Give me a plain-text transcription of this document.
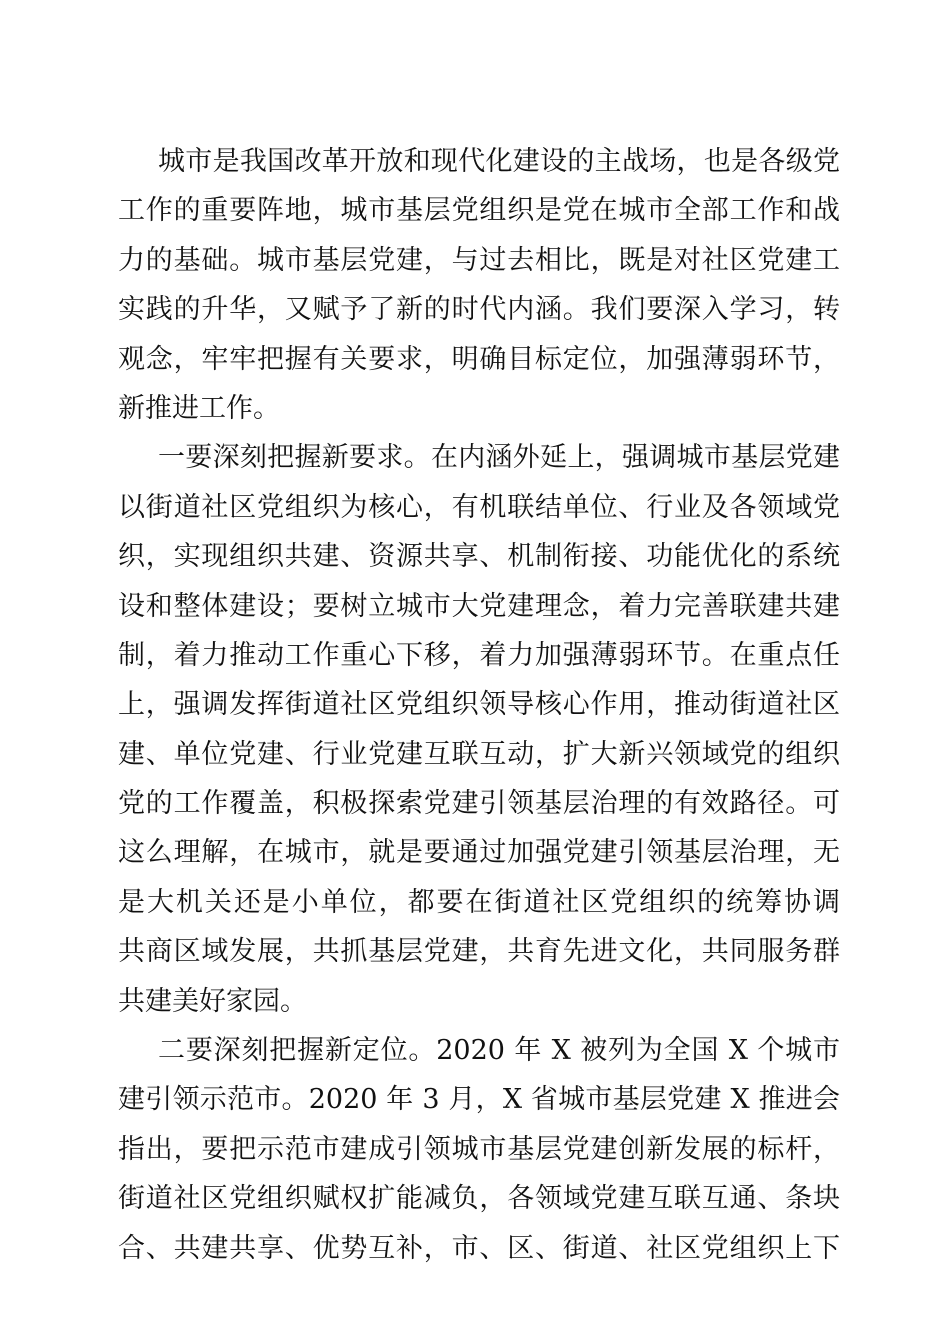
城市是我国改革开放和现代化建设的主战场，也是各级党
工作的重要阵地，城市基层党组织是党在城市全部工作和战
力的基础。城市基层党建，与过去相比，既是对社区党建工
实践的升华，又赋予了新的时代内涵。我们要深入学习，转
观念，牢牢把握有关要求，明确目标定位，加强薄弱环节，
新推进工作。
一要深刻把握新要求。在内涵外延上，强调城市基层党建
以街道社区党组织为核心，有机联结单位、行业及各领域党
织，实现组织共建、资源共享、机制衔接、功能优化的系统
设和整体建设；要树立城市大党建理念，着力完善联建共建
制，着力推动工作重心下移，着力加强薄弱环节。在重点任
上，强调发挥街道社区党组织领导核心作用，推动街道社区
建、单位党建、行业党建互联互动，扩大新兴领域党的组织
党的工作覆盖，积极探索党建引领基层治理的有效路径。可
这么理解，在城市，就是要通过加强党建引领基层治理，无
是大机关还是小单位，都要在街道社区党组织的统筹协调
共商区域发展，共抓基层党建，共育先进文化，共同服务群
共建美好家园。
二要深刻把握新定位。2020 年 X 被列为全国 X 个城市
建引领示范市。2020 年 3 月，X 省城市基层党建 X 推进会
指出，要把示范市建成引领城市基层党建创新发展的标杆，
街道社区党组织赋权扩能减负，各领域党建互联互通、条块
合、共建共享、优势互补，市、区、街道、社区党组织上下
